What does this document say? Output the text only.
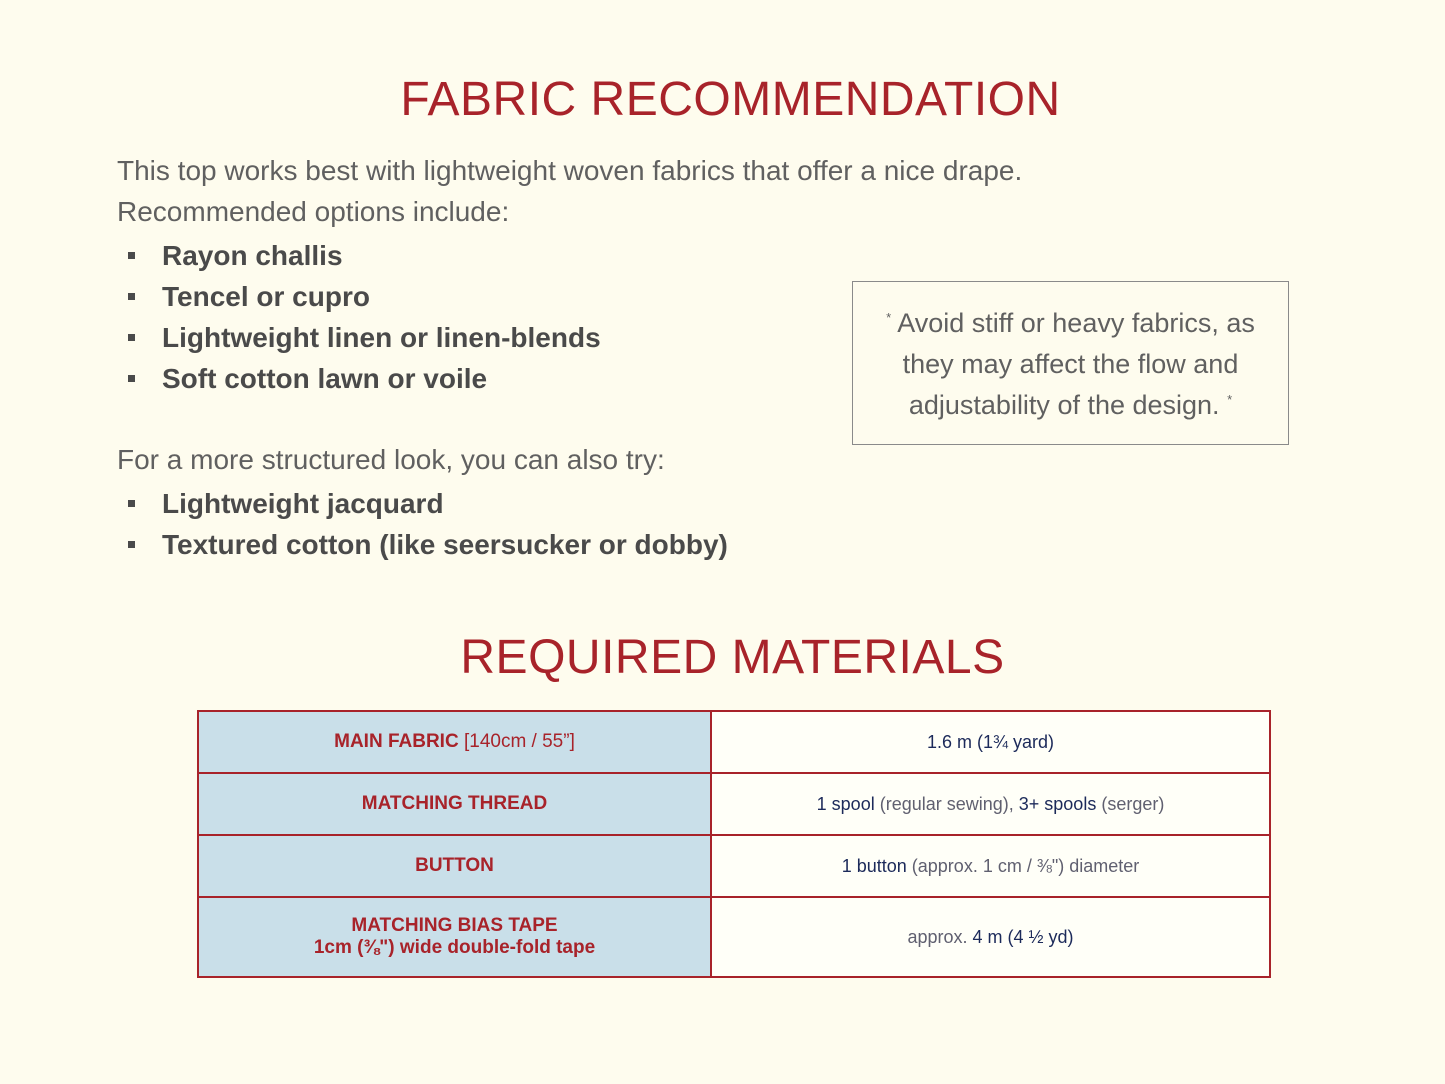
FABRIC RECOMMENDATION
This top works best with lightweight woven fabrics that offer a nice drape.
Recommended options include:
Rayon challis
Tencel or cupro
Lightweight linen or linen-blends
Soft cotton lawn or voile
For a more structured look, you can also try:
Lightweight jacquard
Textured cotton (like seersucker or dobby)
* Avoid stiff or heavy fabrics, as
they may affect the flow and
adjustability of the design. *
REQUIRED MATERIALS
MAIN FABRIC [140cm / 55”]	1.6 m (1¾ yard)
MATCHING THREAD	1 spool (regular sewing), 3+ spools (serger)
BUTTON	1 button (approx. 1 cm / ⅜") diameter

MATCHING BIAS TAPE
1cm (⅜") wide double-fold tape	approx. 4 m (4 ½ yd)
